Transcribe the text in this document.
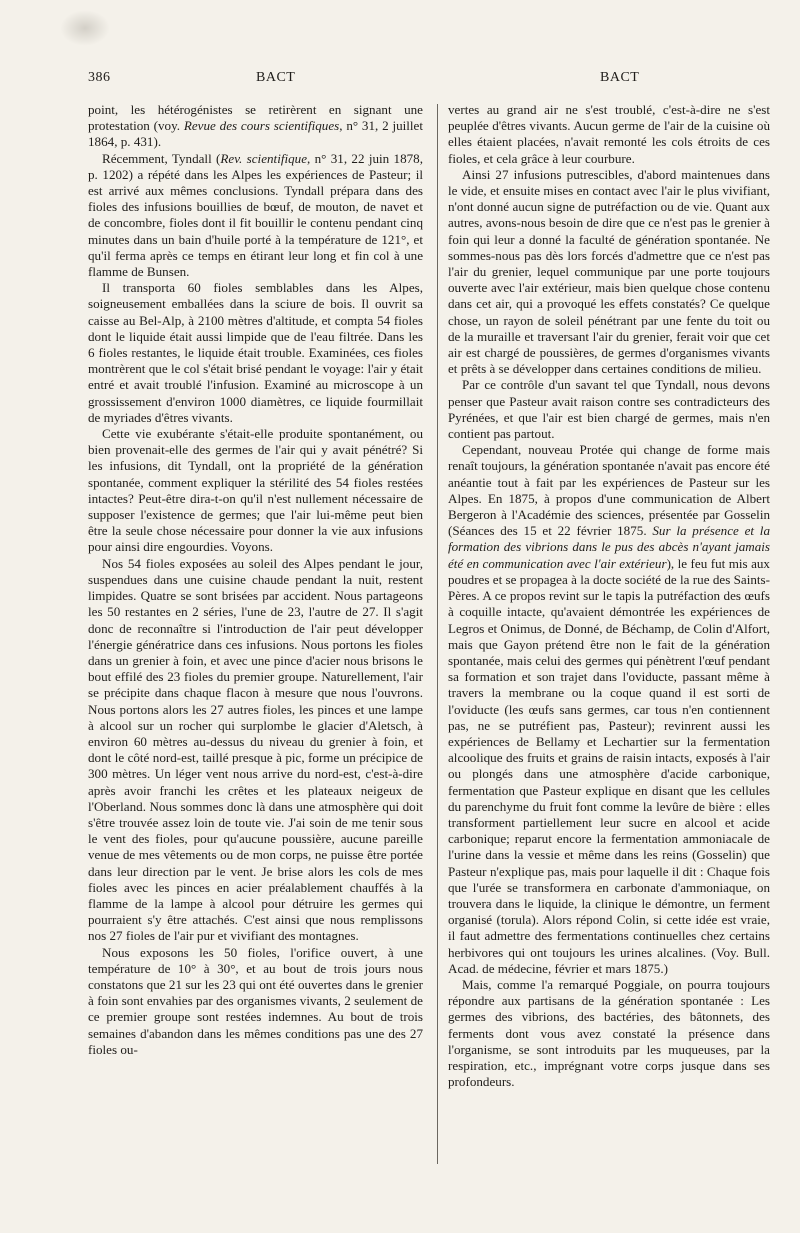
386	BACT	BACT

point, les hétérogénistes se retirèrent en signant une protestation (voy. Revue des cours scientifiques, n° 31, 2 juillet 1864, p. 431).

Récemment, Tyndall (Rev. scientifique, n° 31, 22 juin 1878, p. 1202) a répété dans les Alpes les expériences de Pasteur; il est arrivé aux mêmes conclusions. Tyndall prépara dans des fioles des infusions bouillies de bœuf, de mouton, de navet et de concombre, fioles dont il fit bouillir le contenu pendant cinq minutes dans un bain d'huile porté à la température de 121°, et qu'il ferma après ce temps en étirant leur long et fin col à une flamme de Bunsen.

Il transporta 60 fioles semblables dans les Alpes, soigneusement emballées dans la sciure de bois. Il ouvrit sa caisse au Bel-Alp, à 2100 mètres d'altitude, et compta 54 fioles dont le liquide était aussi limpide que de l'eau filtrée. Dans les 6 fioles restantes, le liquide était trouble. Examinées, ces fioles montrèrent que le col s'était brisé pendant le voyage: l'air y était entré et avait troublé l'infusion. Examiné au microscope à un grossissement d'environ 1000 diamètres, ce liquide fourmillait de myriades d'êtres vivants.

Cette vie exubérante s'était-elle produite spontanément, ou bien provenait-elle des germes de l'air qui y avait pénétré? Si les infusions, dit Tyndall, ont la propriété de la génération spontanée, comment expliquer la stérilité des 54 fioles restées intactes? Peut-être dira-t-on qu'il n'est nullement nécessaire de supposer l'existence de germes; que l'air lui-même peut bien être la seule chose nécessaire pour donner la vie aux infusions pour ainsi dire engourdies. Voyons.

Nos 54 fioles exposées au soleil des Alpes pendant le jour, suspendues dans une cuisine chaude pendant la nuit, restent limpides. Quatre se sont brisées par accident. Nous partageons les 50 restantes en 2 séries, l'une de 23, l'autre de 27. Il s'agit donc de reconnaître si l'introduction de l'air peut développer l'énergie génératrice dans ces infusions. Nous portons les fioles dans un grenier à foin, et avec une pince d'acier nous brisons le bout effilé des 23 fioles du premier groupe. Naturellement, l'air se précipite dans chaque flacon à mesure que nous l'ouvrons. Nous portons alors les 27 autres fioles, les pinces et une lampe à alcool sur un rocher qui surplombe le glacier d'Aletsch, à environ 60 mètres au-dessus du niveau du grenier à foin, et dont le côté nord-est, taillé presque à pic, forme un précipice de 300 mètres. Un léger vent nous arrive du nord-est, c'est-à-dire après avoir franchi les crêtes et les plateaux neigeux de l'Oberland. Nous sommes donc là dans une atmosphère qui doit s'être trouvée assez loin de toute vie. J'ai soin de me tenir sous le vent des fioles, pour qu'aucune poussière, aucune pareille venue de mes vêtements ou de mon corps, ne puisse être portée dans leur direction par le vent. Je brise alors les cols de mes fioles avec les pinces en acier préalablement chauffés à la flamme de la lampe à alcool pour détruire les germes qui pourraient s'y être attachés. C'est ainsi que nous remplissons nos 27 fioles de l'air pur et vivifiant des montagnes.

Nous exposons les 50 fioles, l'orifice ouvert, à une température de 10° à 30°, et au bout de trois jours nous constatons que 21 sur les 23 qui ont été ouvertes dans le grenier à foin sont envahies par des organismes vivants, 2 seulement de ce premier groupe sont restées indemnes. Au bout de trois semaines d'abandon dans les mêmes conditions pas une des 27 fioles ou-

vertes au grand air ne s'est troublé, c'est-à-dire ne s'est peuplée d'êtres vivants. Aucun germe de l'air de la cuisine où elles étaient placées, n'avait remonté les cols étroits de ces fioles, et cela grâce à leur courbure.

Ainsi 27 infusions putrescibles, d'abord maintenues dans le vide, et ensuite mises en contact avec l'air le plus vivifiant, n'ont donné aucun signe de putréfaction ou de vie. Quant aux autres, avons-nous besoin de dire que ce n'est pas le grenier à foin qui leur a donné la faculté de génération spontanée. Ne sommes-nous pas dès lors forcés d'admettre que ce n'est pas l'air du grenier, lequel communique par une porte toujours ouverte avec l'air extérieur, mais bien quelque chose contenu dans cet air, qui a provoqué les effets constatés? Ce quelque chose, un rayon de soleil pénétrant par une fente du toit ou de la muraille et traversant l'air du grenier, ferait voir que cet air est chargé de poussières, de germes d'organismes vivants et prêts à se développer dans certaines conditions de milieu.

Par ce contrôle d'un savant tel que Tyndall, nous devons penser que Pasteur avait raison contre ses contradicteurs des Pyrénées, et que l'air est bien chargé de germes, mais n'en contient pas partout.

Cependant, nouveau Protée qui change de forme mais renaît toujours, la génération spontanée n'avait pas encore été anéantie tout à fait par les expériences de Pasteur sur les Alpes. En 1875, à propos d'une communication de Albert Bergeron à l'Académie des sciences, présentée par Gosselin (Séances des 15 et 22 février 1875. Sur la présence et la formation des vibrions dans le pus des abcès n'ayant jamais été en communication avec l'air extérieur), le feu fut mis aux poudres et se propagea à la docte société de la rue des Saints-Pères. A ce propos revint sur le tapis la putréfaction des œufs à coquille intacte, qu'avaient démontrée les expériences de Legros et Onimus, de Donné, de Béchamp, de Colin d'Alfort, mais que Gayon prétend être non le fait de la génération spontanée, mais celui des germes qui pénètrent l'œuf pendant sa formation et son trajet dans l'oviducte, passant même à travers la membrane ou la coque quand il est sorti de l'oviducte (les œufs sans germes, car tous n'en contiennent pas, ne se putréfient pas, Pasteur); revinrent aussi les expériences de Bellamy et Lechartier sur la fermentation alcoolique des fruits et grains de raisin intacts, exposés à l'air ou plongés dans une atmosphère d'acide carbonique, fermentation que Pasteur explique en disant que les cellules du parenchyme du fruit font comme la levûre de bière : elles transforment partiellement leur sucre en alcool et acide carbonique; reparut encore la fermentation ammoniacale de l'urine dans la vessie et même dans les reins (Gosselin) que Pasteur n'explique pas, mais pour laquelle il dit : Chaque fois que l'urée se transformera en carbonate d'ammoniaque, on trouvera dans le liquide, la clinique le démontre, un ferment organisé (torula). Alors répond Colin, si cette idée est vraie, il faut admettre des fermentations continuelles chez certains herbivores qui ont toujours les urines alcalines. (Voy. Bull. Acad. de médecine, février et mars 1875.)

Mais, comme l'a remarqué Poggiale, on pourra toujours répondre aux partisans de la génération spontanée : Les germes des vibrions, des bactéries, des bâtonnets, des ferments dont vous avez constaté la présence dans l'organisme, se sont introduits par les muqueuses, par la respiration, etc., imprégnant votre corps jusque dans ses profondeurs.
